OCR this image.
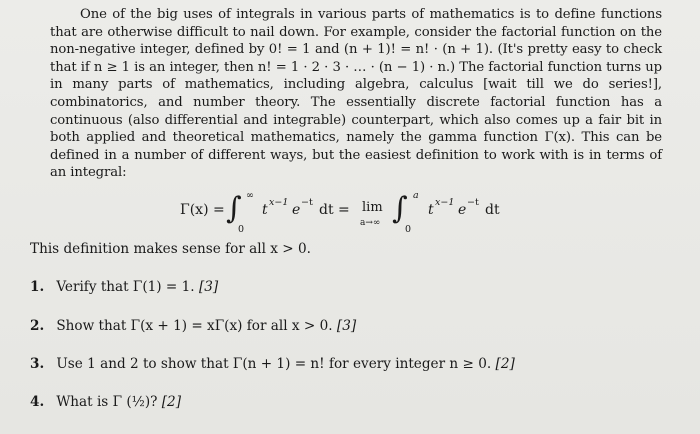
One of the big uses of integrals in various parts of mathematics is to define functions that are otherwise difficult to nail down. For example, consider the factorial function on the non-negative integer, defined by 0! = 1 and (n + 1)! = n! · (n + 1). (It's pretty easy to check that if n ≥ 1 is an integer, then n! = 1 · 2 · 3 · … · (n − 1) · n.) The factorial function turns up in many parts of mathematics, including algebra, calculus [wait till we do series!], combinatorics, and number theory. The essentially discrete factorial function has a continuous (also differential and integrable) counterpart, which also comes up a fair bit in both applied and theoretical mathematics, namely the gamma function Γ(x). This can be defined in a number of different ways, but the easiest definition to work with is in terms of an integral:
Γ(x) = ∫ ∞
0
t x−1 e −t dt = lim
a→∞ ∫ a
0
t x−1 e −t dt
This definition makes sense for all x > 0.
1. Verify that Γ(1) = 1. [3]
2. Show that Γ(x + 1) = xΓ(x) for all x > 0. [3]
3. Use 1 and 2 to show that Γ(n + 1) = n! for every integer n ≥ 0. [2]
4. What is Γ (½)? [2]
